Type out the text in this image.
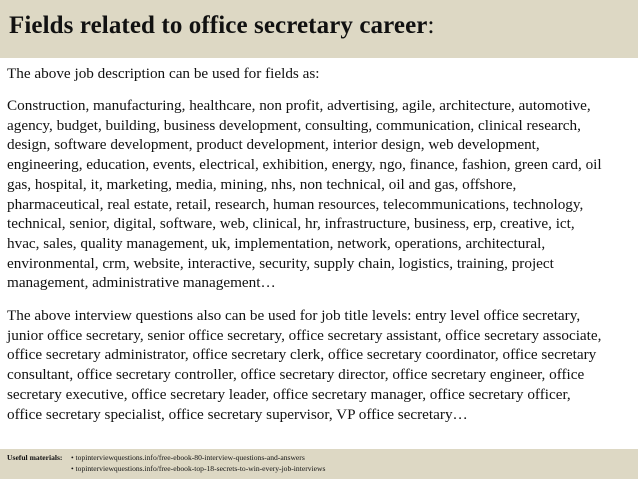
Fields related to office secretary career:

The above job description can be used for fields as:

Construction, manufacturing, healthcare, non profit, advertising, agile, architecture, automotive,
agency, budget, building, business development, consulting, communication, clinical research,
design, software development, product development, interior design, web development,
engineering, education, events, electrical, exhibition, energy, ngo, finance, fashion, green card, oil
gas, hospital, it, marketing, media, mining, nhs, non technical, oil and gas, offshore,
pharmaceutical, real estate, retail, research, human resources, telecommunications, technology,
technical, senior, digital, software, web, clinical, hr, infrastructure, business, erp, creative, ict,
hvac, sales, quality management, uk, implementation, network, operations, architectural,
environmental, crm, website, interactive, security, supply chain, logistics, training, project
management, administrative management…

The above interview questions also can be used for job title levels: entry level office secretary,
junior office secretary, senior office secretary, office secretary assistant, office secretary associate,
office secretary administrator, office secretary clerk, office secretary coordinator, office secretary
consultant, office secretary controller, office secretary director, office secretary engineer, office
secretary executive, office secretary leader, office secretary manager, office secretary officer,
office secretary specialist, office secretary supervisor, VP office secretary…

Useful materials: • topinterviewquestions.info/free-ebook-80-interview-questions-and-answers
• topinterviewquestions.info/free-ebook-top-18-secrets-to-win-every-job-interviews
